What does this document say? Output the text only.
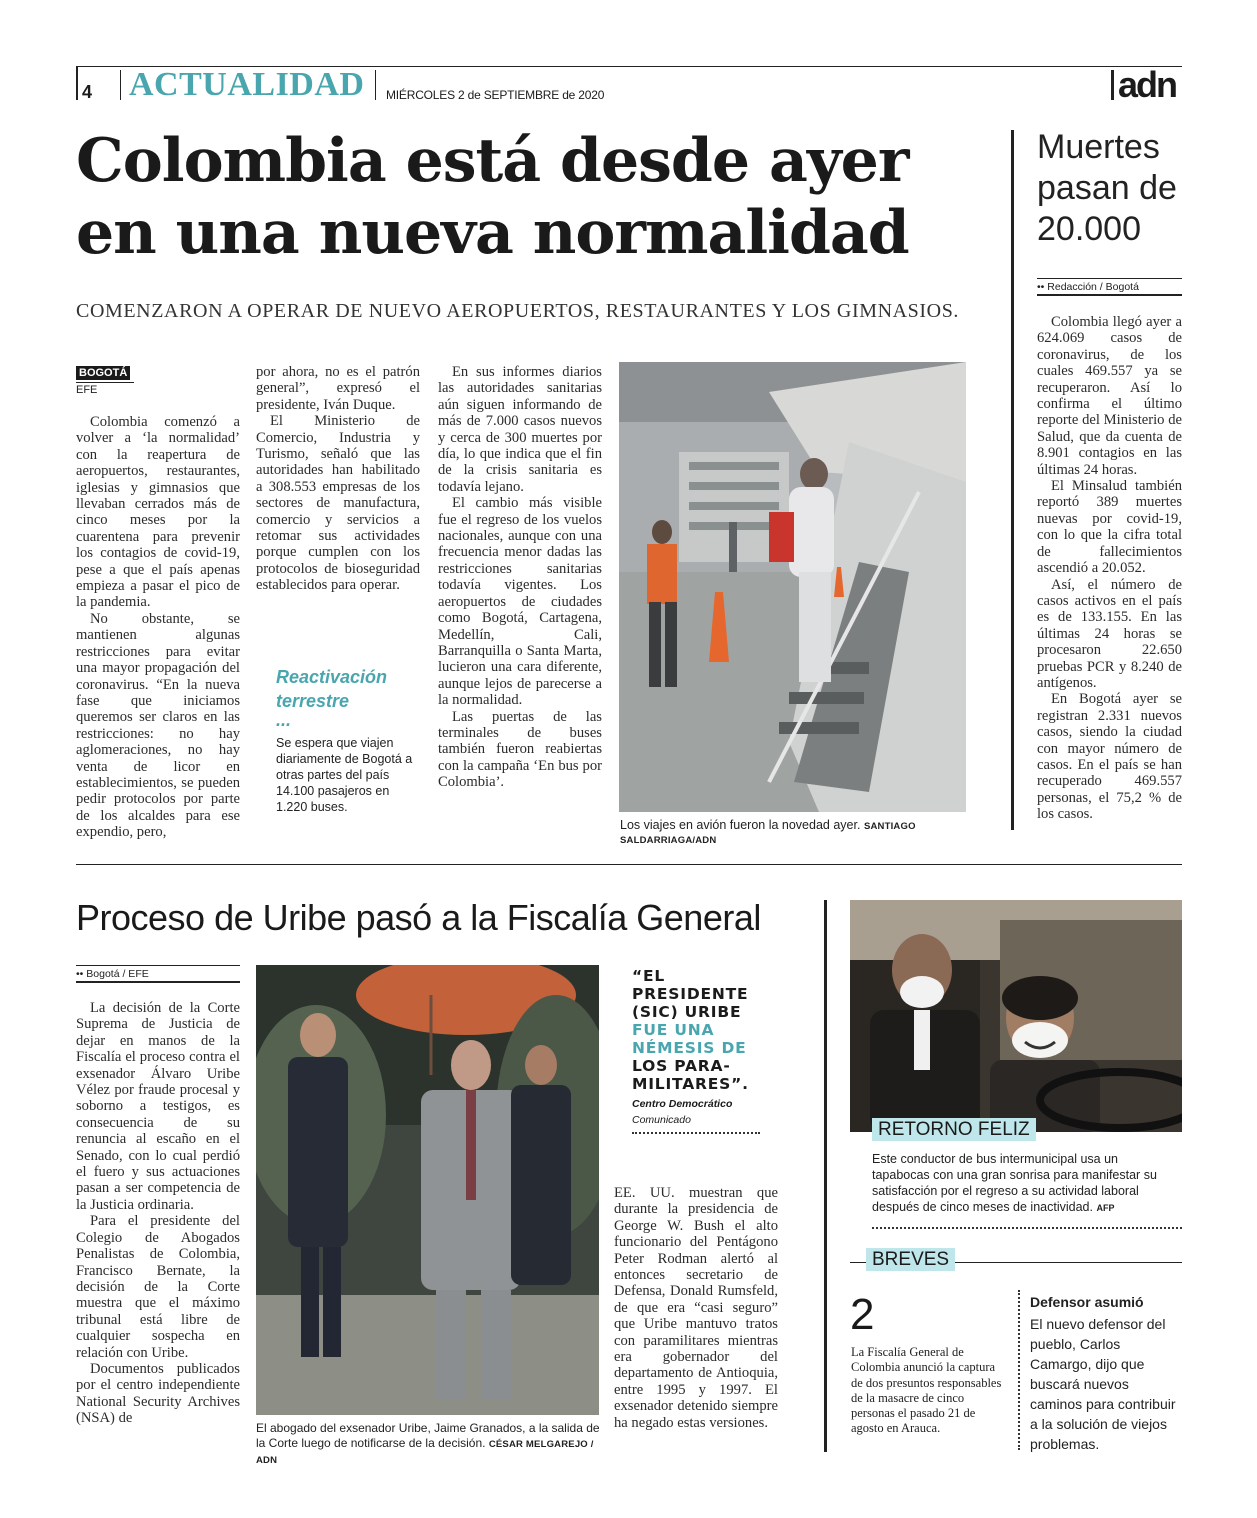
4 ACTUALIDAD MIÉRCOLES 2 de SEPTIEMBRE de 2020	adn
Colombia está desde ayer
en una nueva normalidad
COMENZARON A OPERAR DE NUEVO AEROPUERTOS, RESTAURANTES Y LOS GIMNASIOS.
BOGOTÁ
EFE

Colombia comenzó a volver a ‘la normalidad’ con la reapertura de aeropuertos, restaurantes, iglesias y gimnasios que llevaban cerrados más de cinco meses por la cuarentena para prevenir los contagios de covid-19, pese a que el país apenas empieza a pasar el pico de la pandemia.

No obstante, se mantienen algunas restricciones para evitar una mayor propagación del coronavirus. “En la nueva fase que iniciamos queremos ser claros en las restricciones: no hay aglomeraciones, no hay venta de licor en establecimientos, se pueden pedir protocolos por parte de los alcaldes para ese expendio, pero,

por ahora, no es el patrón general”, expresó el presidente, Iván Duque.

El Ministerio de Comercio, Industria y Turismo, señaló que las autoridades han habilitado a 308.553 empresas de los sectores de manufactura, comercio y servicios a retomar sus actividades porque cumplen con los protocolos de bioseguridad establecidos para operar.

Reactivación
terrestre
...
Se espera que viajen diariamente de Bogotá a otras partes del país 14.100 pasajeros en 1.220 buses.

En sus informes diarios las autoridades sanitarias aún siguen informando de más de 7.000 casos nuevos y cerca de 300 muertes por día, lo que indica que el fin de la crisis sanitaria es todavía lejano.

El cambio más visible fue el regreso de los vuelos nacionales, aunque con una frecuencia menor dadas las restricciones sanitarias todavía vigentes. Los aeropuertos de ciudades como Bogotá, Cartagena, Medellín, Cali, Barranquilla o Santa Marta, lucieron una cara diferente, aunque lejos de parecerse a la normalidad.

Las puertas de las terminales de buses también fueron reabiertas con la campaña ‘En bus por Colombia’.

Los viajes en avión fueron la novedad ayer. SANTIAGO SALDARRIAGA/ADN
Muertes pasan de 20.000
•• Redacción / Bogotá

Colombia llegó ayer a 624.069 casos de coronavirus, de los cuales 469.557 ya se recuperaron. Así lo confirma el último reporte del Ministerio de Salud, que da cuenta de 8.901 contagios en las últimas 24 horas.

El Minsalud también reportó 389 muertes nuevas por covid-19, con lo que la cifra total de fallecimientos ascendió a 20.052.

Así, el número de casos activos en el país es de 133.155. En las últimas 24 horas se procesaron 22.650 pruebas PCR y 8.240 de antígenos.

En Bogotá ayer se registran 2.331 nuevos casos, siendo la ciudad con mayor número de casos. En el país se han recuperado 469.557 personas, el 75,2 % de los casos.

Proceso de Uribe pasó a la Fiscalía General
•• Bogotá / EFE

La decisión de la Corte Suprema de Justicia de dejar en manos de la Fiscalía el proceso contra el exsenador Álvaro Uribe Vélez por fraude procesal y soborno a testigos, es consecuencia de su renuncia al escaño en el Senado, con lo cual perdió el fuero y sus actuaciones pasan a ser competencia de la Justicia ordinaria.

Para el presidente del Colegio de Abogados Penalistas de Colombia, Francisco Bernate, la decisión de la Corte muestra que el máximo tribunal está libre de cualquier sospecha en relación con Uribe.

Documentos publicados por el centro independiente National Security Archives (NSA) de

El abogado del exsenador Uribe, Jaime Granados, a la salida de la Corte luego de notificarse de la decisión. CÉSAR MELGAREJO / ADN
“EL
PRESIDENTE
(SIC) URIBE
FUE UNA
NÉMESIS DE
LOS PARA-
MILITARES”.
Centro Democrático
Comunicado

EE. UU. muestran que durante la presidencia de George W. Bush el alto funcionario del Pentágono Peter Rodman alertó al entonces secretario de Defensa, Donald Rumsfeld, de que era “casi seguro” que Uribe mantuvo tratos con paramilitares mientras era gobernador del departamento de Antioquia, entre 1995 y 1997. El exsenador detenido siempre ha negado estas versiones.

RETORNO FELIZ
Este conductor de bus intermunicipal usa un tapabocas con una gran sonrisa para manifestar su satisfacción por el regreso a su actividad laboral después de cinco meses de inactividad. AFP
BREVES
2
La Fiscalía General de Colombia anunció la captura de dos presuntos responsables de la masacre de cinco personas el pasado 21 de agosto en Arauca.
Defensor asumió
El nuevo defensor del pueblo, Carlos Camargo, dijo que buscará nuevos caminos para contribuir a la solución de viejos problemas.
